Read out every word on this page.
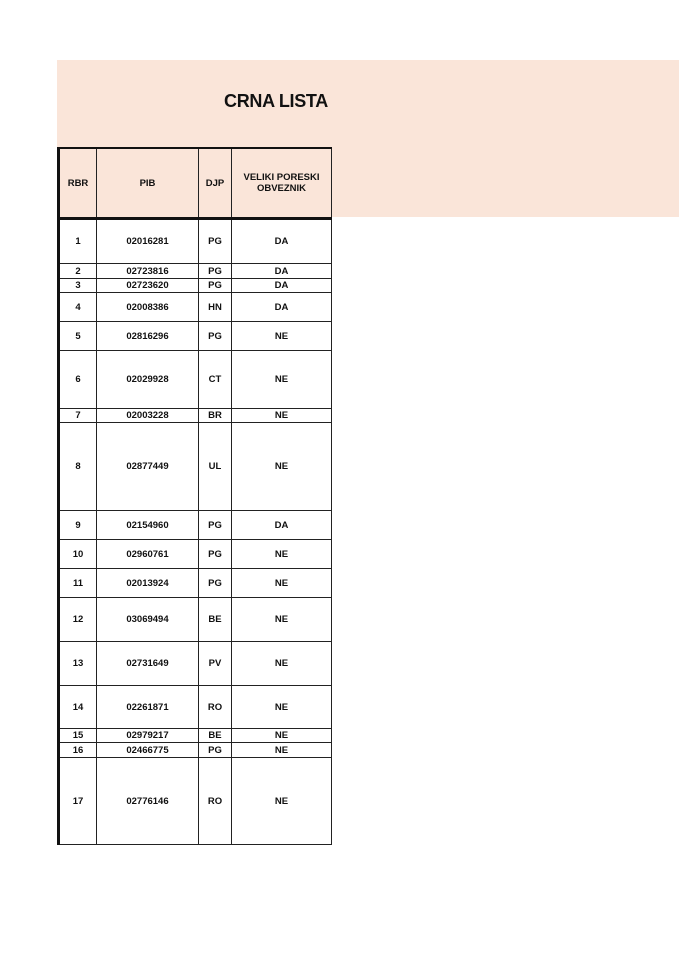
CRNA LISTA
RBR	PIB	DJP	VELIKI PORESKI OBVEZNIK
1	02016281	PG	DA
2	02723816	PG	DA
3	02723620	PG	DA
4	02008386	HN	DA
5	02816296	PG	NE
6	02029928	CT	NE
7	02003228	BR	NE
8	02877449	UL	NE
9	02154960	PG	DA
10	02960761	PG	NE
11	02013924	PG	NE
12	03069494	BE	NE
13	02731649	PV	NE
14	02261871	RO	NE
15	02979217	BE	NE
16	02466775	PG	NE
17	02776146	RO	NE
